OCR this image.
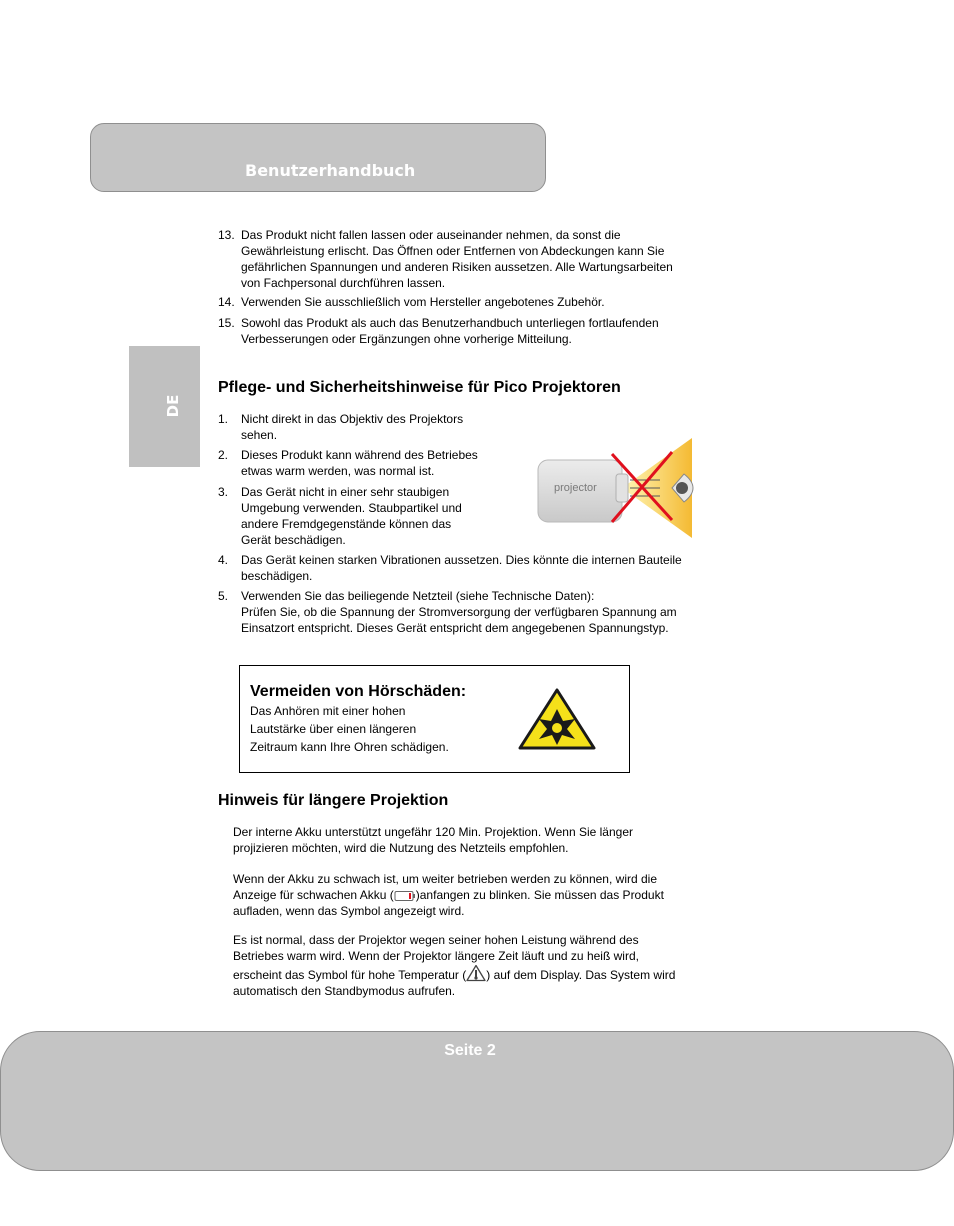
Benutzerhandbuch
DE
13. Das Produkt nicht fallen lassen oder auseinander nehmen, da sonst die
Gewährleistung erlischt. Das Öffnen oder Entfernen von Abdeckungen kann Sie
gefährlichen Spannungen und anderen Risiken aussetzen. Alle Wartungsarbeiten
von Fachpersonal durchführen lassen.
14. Verwenden Sie ausschließlich vom Hersteller angebotenes Zubehör.
15. Sowohl das Produkt als auch das Benutzerhandbuch unterliegen fortlaufenden
Verbesserungen oder Ergänzungen ohne vorherige Mitteilung.
Pflege- und Sicherheitshinweise für Pico Projektoren
1. Nicht direkt in das Objektiv des Projektors
sehen.
2. Dieses Produkt kann während des Betriebes
etwas warm werden, was normal ist.
3. Das Gerät nicht in einer sehr staubigen
Umgebung verwenden. Staubpartikel und
andere Fremdgegenstände können das
Gerät beschädigen.
4. Das Gerät keinen starken Vibrationen aussetzen. Dies könnte die internen Bauteile
beschädigen.
5. Verwenden Sie das beiliegende Netzteil (siehe Technische Daten):
Prüfen Sie, ob die Spannung der Stromversorgung der verfügbaren Spannung am
Einsatzort entspricht. Dieses Gerät entspricht dem angegebenen Spannungstyp.
projector
Vermeiden von Hörschäden:
Das Anhören mit einer hohen
Lautstärke über einen längeren
Zeitraum kann Ihre Ohren schädigen.
Hinweis für längere Projektion
Der interne Akku unterstützt ungefähr 120 Min. Projektion. Wenn Sie länger
projizieren möchten, wird die Nutzung des Netzteils empfohlen.
Wenn der Akku zu schwach ist, um weiter betrieben werden zu können, wird die
Anzeige für schwachen Akku ( )anfangen zu blinken. Sie müssen das Produkt
aufladen, wenn das Symbol angezeigt wird.
Es ist normal, dass der Projektor wegen seiner hohen Leistung während des
Betriebes warm wird. Wenn der Projektor längere Zeit läuft und zu heiß wird,
erscheint das Symbol für hohe Temperatur ( ) auf dem Display. Das System wird
automatisch den Standbymodus aufrufen.
Seite 2
